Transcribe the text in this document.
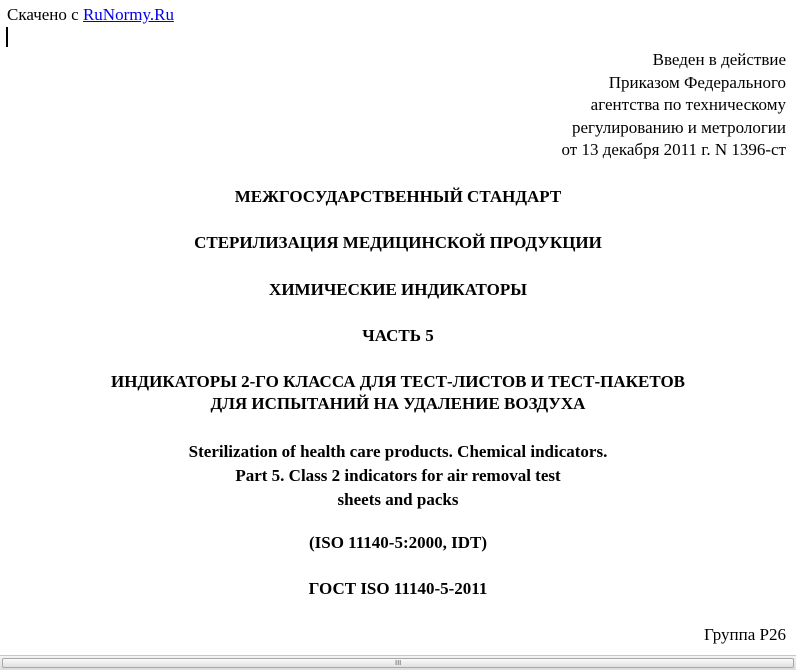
Скачено с RuNormy.Ru
Введен в действие
Приказом Федерального
агентства по техническому
регулированию и метрологии
от 13 декабря 2011 г. N 1396-ст
МЕЖГОСУДАРСТВЕННЫЙ СТАНДАРТ
СТЕРИЛИЗАЦИЯ МЕДИЦИНСКОЙ ПРОДУКЦИИ
ХИМИЧЕСКИЕ ИНДИКАТОРЫ
ЧАСТЬ 5
ИНДИКАТОРЫ 2-ГО КЛАССА ДЛЯ ТЕСТ-ЛИСТОВ И ТЕСТ-ПАКЕТОВ
ДЛЯ ИСПЫТАНИЙ НА УДАЛЕНИЕ ВОЗДУХА
Sterilization of health care products. Chemical indicators.
Part 5. Class 2 indicators for air removal test
sheets and packs
(ISO 11140-5:2000, IDT)
ГОСТ ISO 11140-5-2011
Группа Р26
III
